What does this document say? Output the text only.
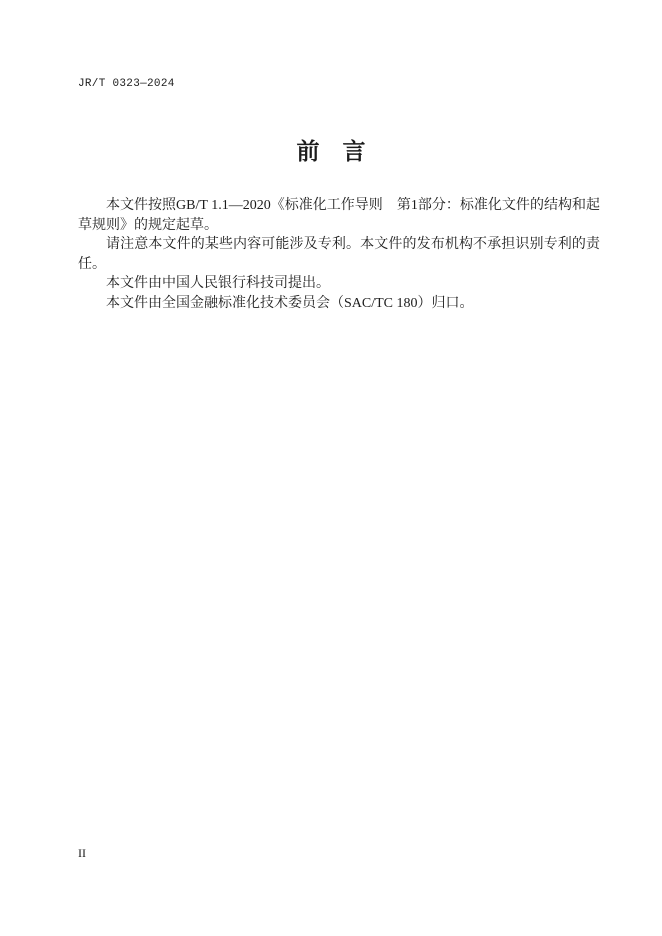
JR/T 0323—2024
前　言

本文件按照GB/T 1.1—2020《标准化工作导则　第1部分：标准化文件的结构和起草规则》的规定起草。

请注意本文件的某些内容可能涉及专利。本文件的发布机构不承担识别专利的责任。

本文件由中国人民银行科技司提出。

本文件由全国金融标准化技术委员会（SAC/TC 180）归口。

II
